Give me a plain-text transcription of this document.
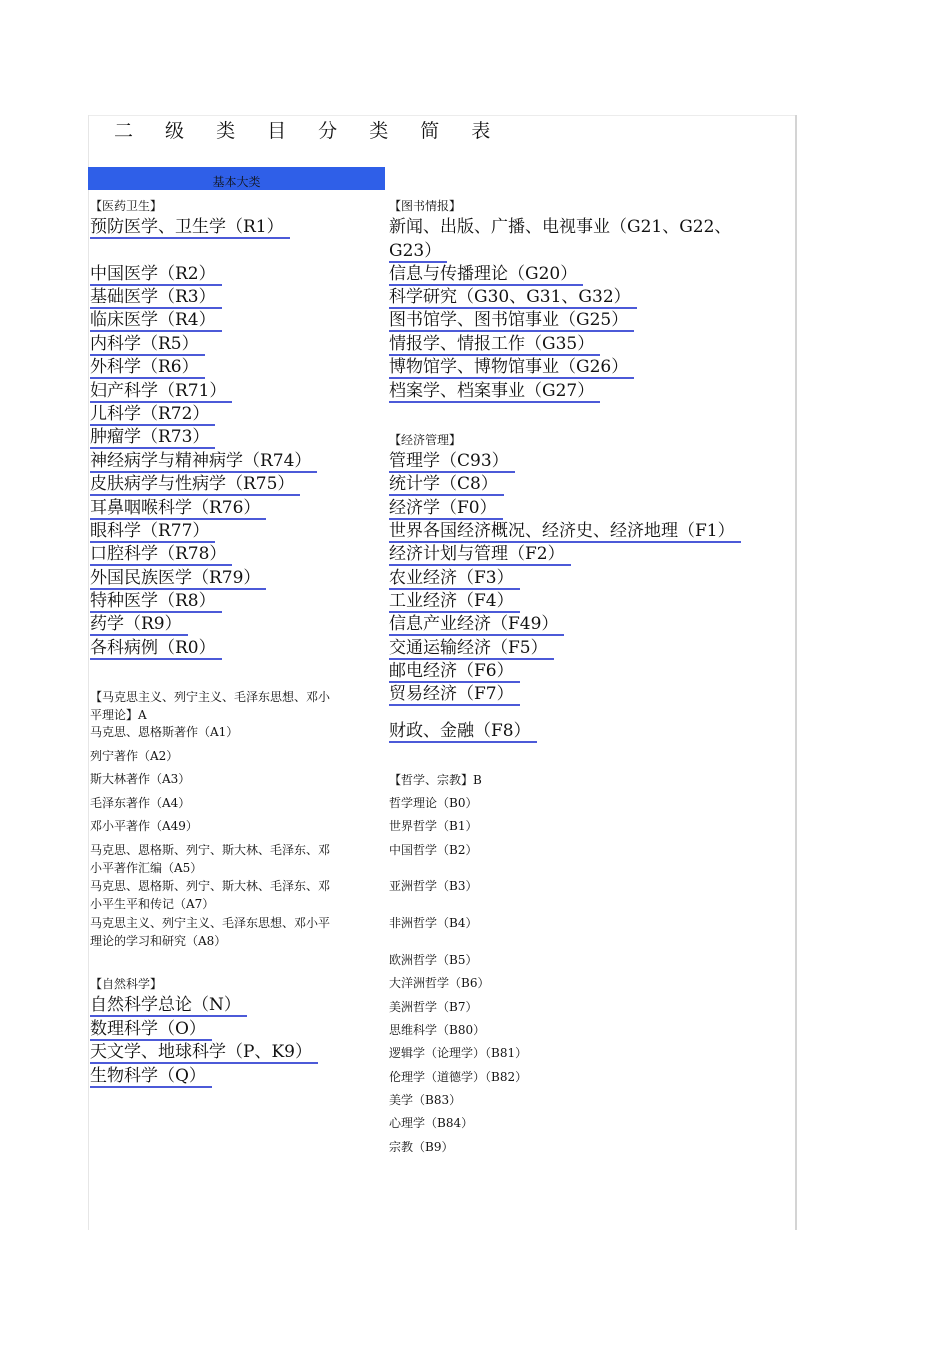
二 级 类 目 分 类 简 表
基本大类
【医药卫生】
预防医学、卫生学（R1）
中国医学（R2）
基础医学（R3）
临床医学（R4）
内科学（R5）
外科学（R6）
妇产科学（R71）
儿科学（R72）
肿瘤学（R73）
神经病学与精神病学（R74）
皮肤病学与性病学（R75）
耳鼻咽喉科学（R76）
眼科学（R77）
口腔科学（R78）
外国民族医学（R79）
特种医学（R8）
药学（R9）
各科病例（R0）
【马克思主义、列宁主义、毛泽东思想、邓小
平理论】A
马克思、恩格斯著作（A1）
列宁著作（A2）
斯大林著作（A3）
毛泽东著作（A4）
邓小平著作（A49）
马克思、恩格斯、列宁、斯大林、毛泽东、邓
小平著作汇编（A5）
马克思、恩格斯、列宁、斯大林、毛泽东、邓
小平生平和传记（A7）
马克思主义、列宁主义、毛泽东思想、邓小平
理论的学习和研究（A8）
【自然科学】
自然科学总论（N）
数理科学（O）
天文学、地球科学（P、K9）
生物科学（Q）
【图书情报】
新闻、出版、广播、电视事业（G21、G22、
G23）
信息与传播理论（G20）
科学研究（G30、G31、G32）
图书馆学、图书馆事业（G25）
情报学、情报工作（G35）
博物馆学、博物馆事业（G26）
档案学、档案事业（G27）
【经济管理】
管理学（C93）
统计学（C8）
经济学（F0）
世界各国经济概况、经济史、经济地理（F1）
经济计划与管理（F2）
农业经济（F3）
工业经济（F4）
信息产业经济（F49）
交通运输经济（F5）
邮电经济（F6）
贸易经济（F7）
财政、金融（F8）
【哲学、宗教】B
哲学理论（B0）
世界哲学（B1）
中国哲学（B2）
亚洲哲学（B3）
非洲哲学（B4）
欧洲哲学（B5）
大洋洲哲学（B6）
美洲哲学（B7）
思维科学（B80）
逻辑学（论理学）（B81）
伦理学（道德学）（B82）
美学（B83）
心理学（B84）
宗教（B9）
